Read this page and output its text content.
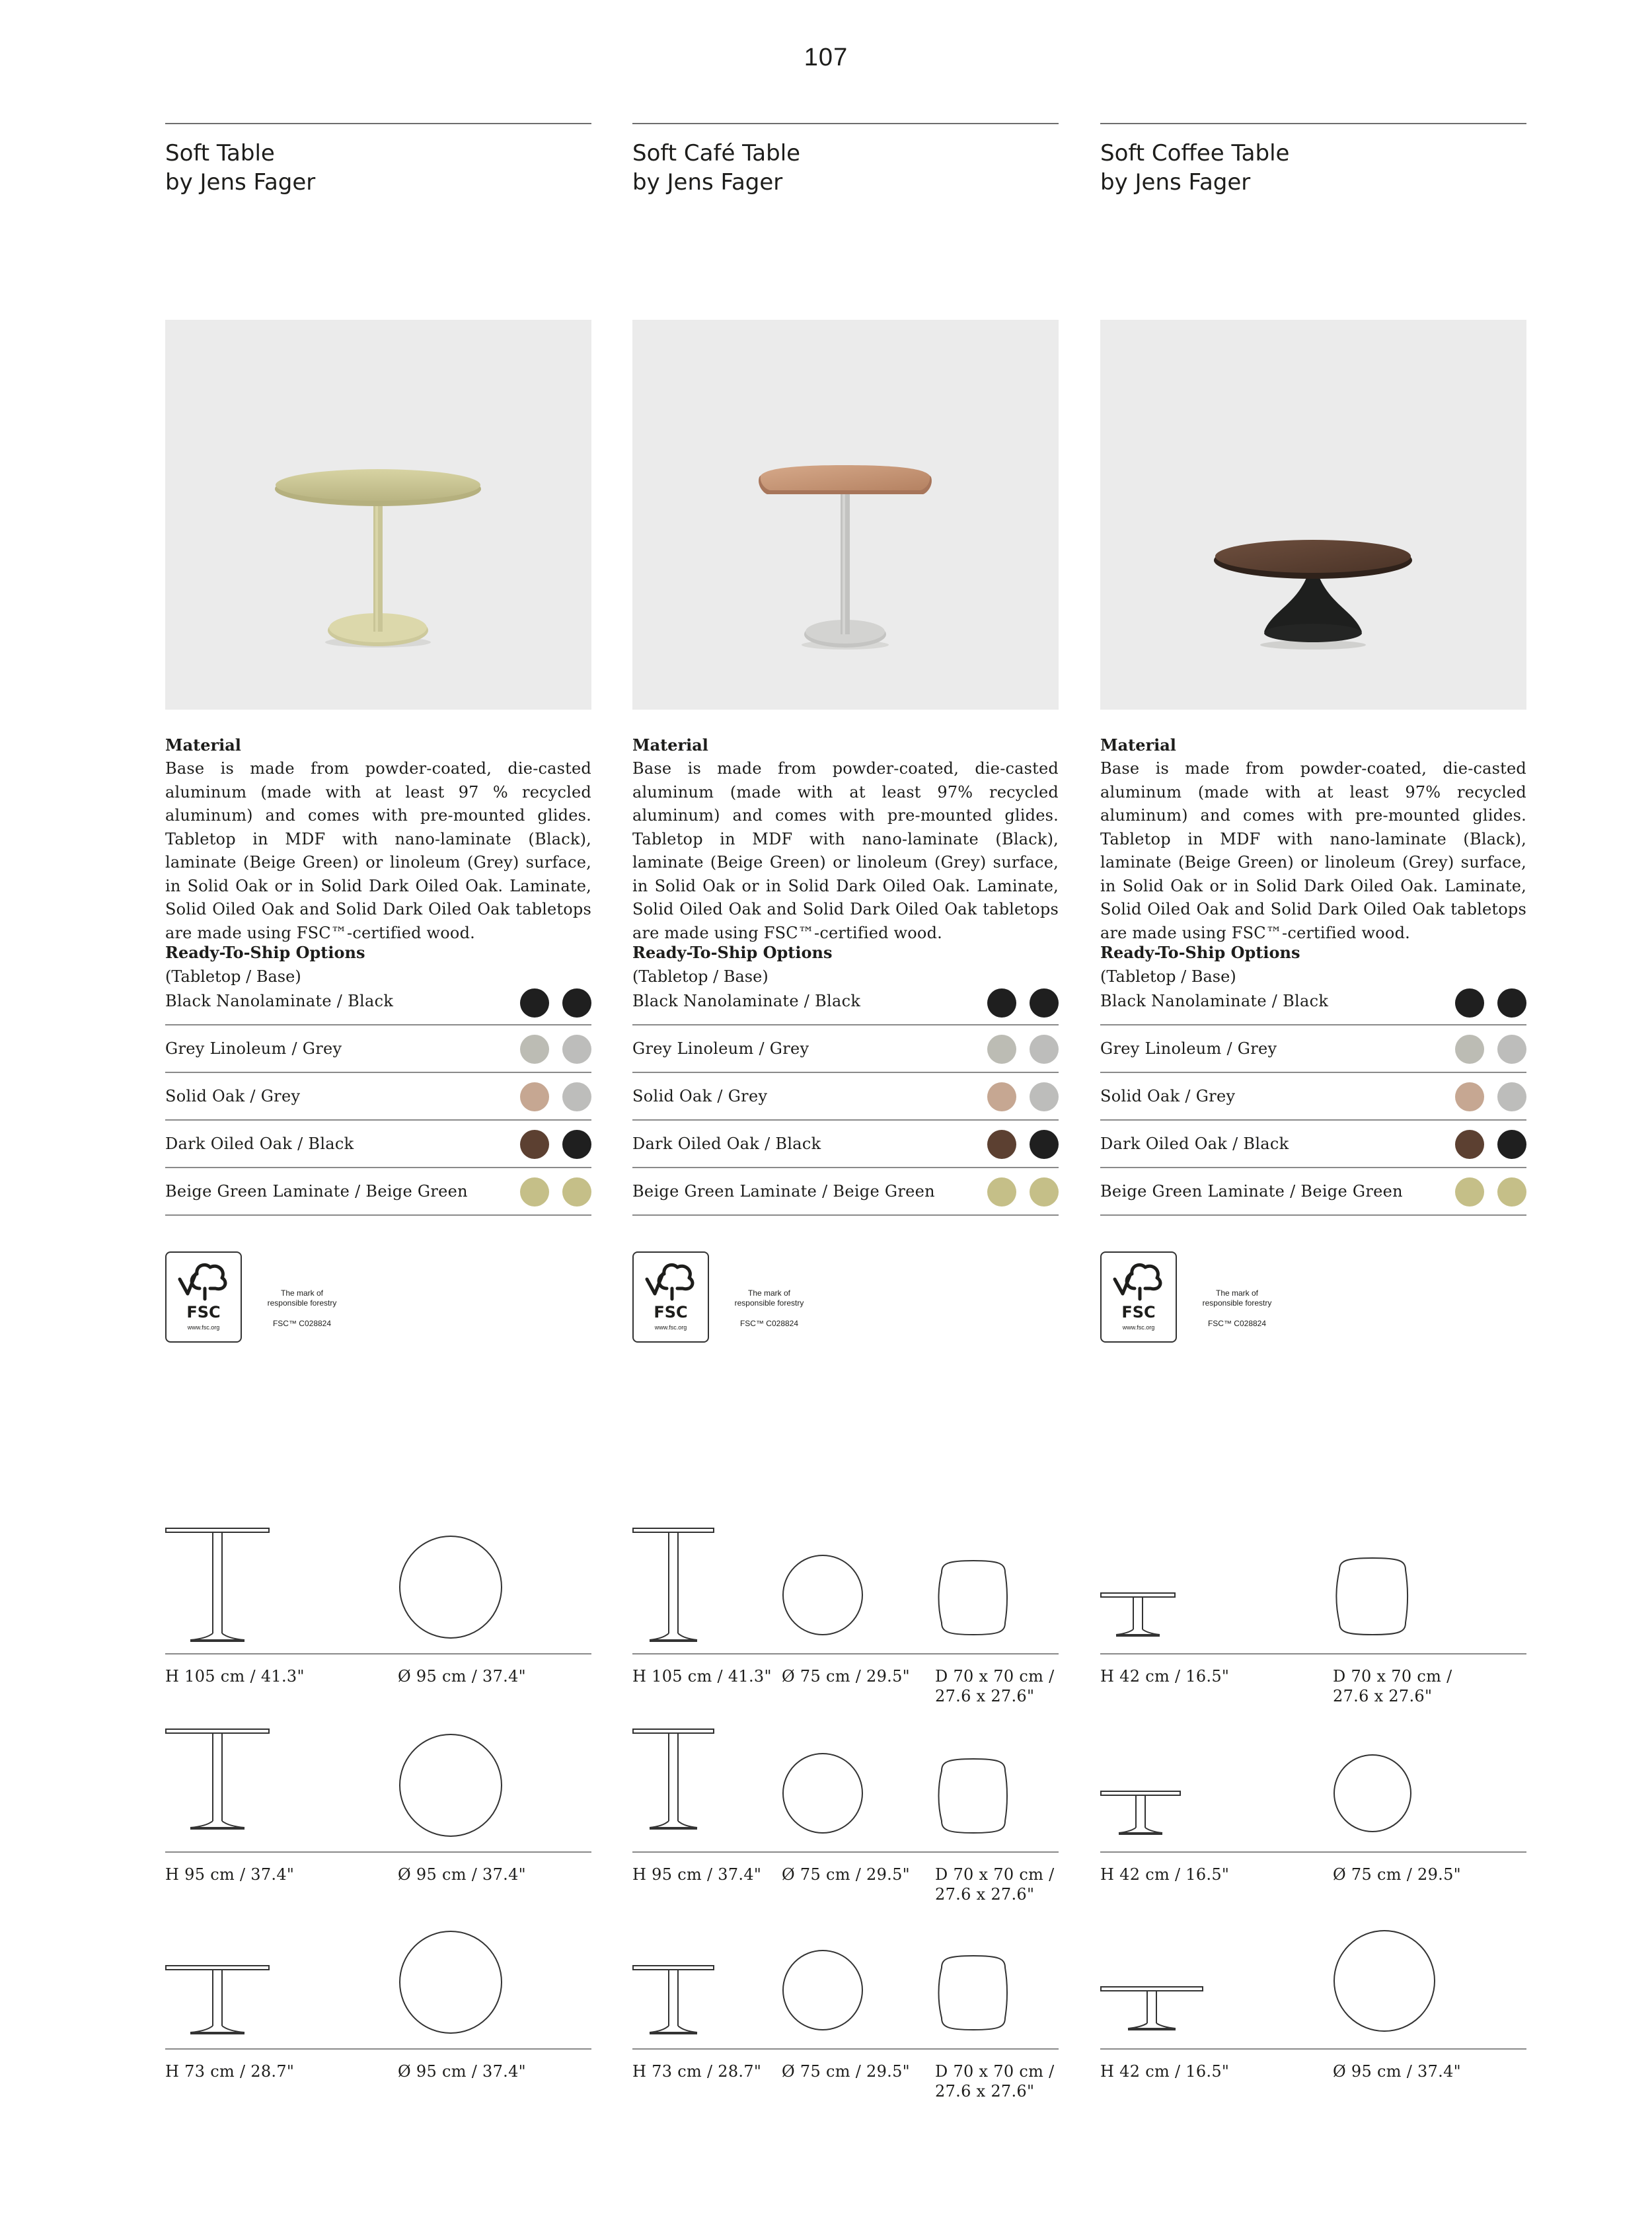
107
Soft Table
by Jens Fager
Material
Base is made from powder-coated, die-casted aluminum (made with at least 97 % recycled aluminum) and comes with pre-mounted glides. Tabletop in MDF with nano-laminate (Black), laminate (Beige Green) or linoleum (Grey) surface, in Solid Oak or in Solid Dark Oiled Oak. Laminate, Solid Oiled Oak and Solid Dark Oiled Oak tabletops are made using FSC™-certified wood.
Ready-To-Ship Options
(Tabletop / Base)
Black Nanolaminate / Black
Grey Linoleum / Grey
Solid Oak / Grey
Dark Oiled Oak / Black
Beige Green Laminate / Beige Green
FSC
www.fsc.org
The mark of
responsible forestry
FSC™ C028824
H 105 cm / 41.3"	Ø 95 cm / 37.4"
H 95 cm / 37.4"	Ø 95 cm / 37.4"
H 73 cm / 28.7"	Ø 95 cm / 37.4"
Soft Café Table
by Jens Fager
Material
Base is made from powder-coated, die-casted aluminum (made with at least 97% recycled aluminum) and comes with pre-mounted glides. Tabletop in MDF with nano-laminate (Black), laminate (Beige Green) or linoleum (Grey) surface, in Solid Oak or in Solid Dark Oiled Oak. Laminate, Solid Oiled Oak and Solid Dark Oiled Oak tabletops are made using FSC™-certified wood.
Ready-To-Ship Options
(Tabletop / Base)
Black Nanolaminate / Black
Grey Linoleum / Grey
Solid Oak / Grey
Dark Oiled Oak / Black
Beige Green Laminate / Beige Green
FSC
www.fsc.org
The mark of
responsible forestry
FSC™ C028824
H 105 cm / 41.3" Ø 75 cm / 29.5" D 70 x 70 cm /
27.6 x 27.6"
H 95 cm / 37.4" Ø 75 cm / 29.5" D 70 x 70 cm /
27.6 x 27.6"
H 73 cm / 28.7" Ø 75 cm / 29.5" D 70 x 70 cm /
27.6 x 27.6"
Soft Coffee Table
by Jens Fager
Material
Base is made from powder-coated, die-casted aluminum (made with at least 97% recycled aluminum) and comes with pre-mounted glides. Tabletop in MDF with nano-laminate (Black), laminate (Beige Green) or linoleum (Grey) surface, in Solid Oak or in Solid Dark Oiled Oak. Laminate, Solid Oiled Oak and Solid Dark Oiled Oak tabletops are made using FSC™-certified wood.
Ready-To-Ship Options
(Tabletop / Base)
Black Nanolaminate / Black
Grey Linoleum / Grey
Solid Oak / Grey
Dark Oiled Oak / Black
Beige Green Laminate / Beige Green
FSC
www.fsc.org
The mark of
responsible forestry
FSC™ C028824
H 42 cm / 16.5"	D 70 x 70 cm /
27.6 x 27.6"
H 42 cm / 16.5"	Ø 75 cm / 29.5"
H 42 cm / 16.5"	Ø 95 cm / 37.4"
